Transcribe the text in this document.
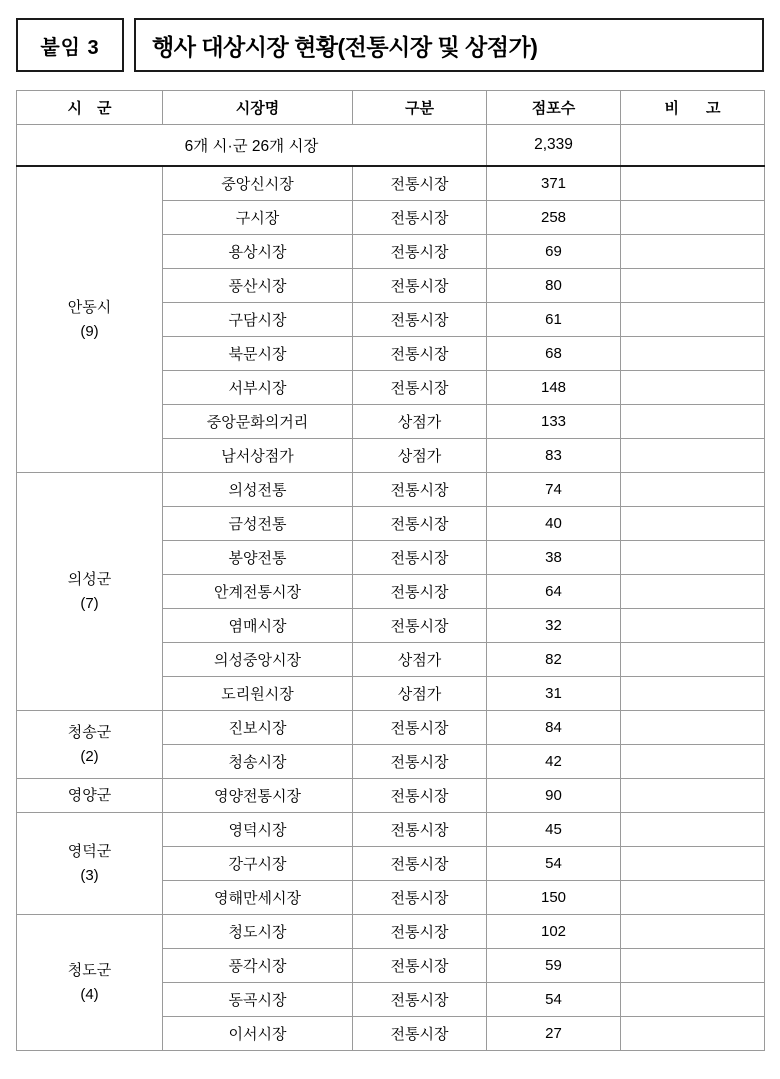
붙임 3	행사 대상시장 현황(전통시장 및 상점가)
시　군	시장명	구분	점포수	비　고
6개 시·군 26개 시장			2,339	

안동시
(9)	중앙신시장	전통시장	371	
	구시장	전통시장	258	
	용상시장	전통시장	69	
	풍산시장	전통시장	80	
	구담시장	전통시장	61	
	북문시장	전통시장	68	
	서부시장	전통시장	148	
	중앙문화의거리	상점가	133	
	남서상점가	상점가	83	

의성군
(7)	의성전통	전통시장	74	
	금성전통	전통시장	40	
	봉양전통	전통시장	38	
	안계전통시장	전통시장	64	
	염매시장	전통시장	32	
	의성중앙시장	상점가	82	
	도리원시장	상점가	31	

청송군
(2)	진보시장	전통시장	84	
	청송시장	전통시장	42	

영양군	영양전통시장	전통시장	90	

영덕군
(3)	영덕시장	전통시장	45	
	강구시장	전통시장	54	
	영해만세시장	전통시장	150	

청도군
(4)	청도시장	전통시장	102	
	풍각시장	전통시장	59	
	동곡시장	전통시장	54	
	이서시장	전통시장	27	
